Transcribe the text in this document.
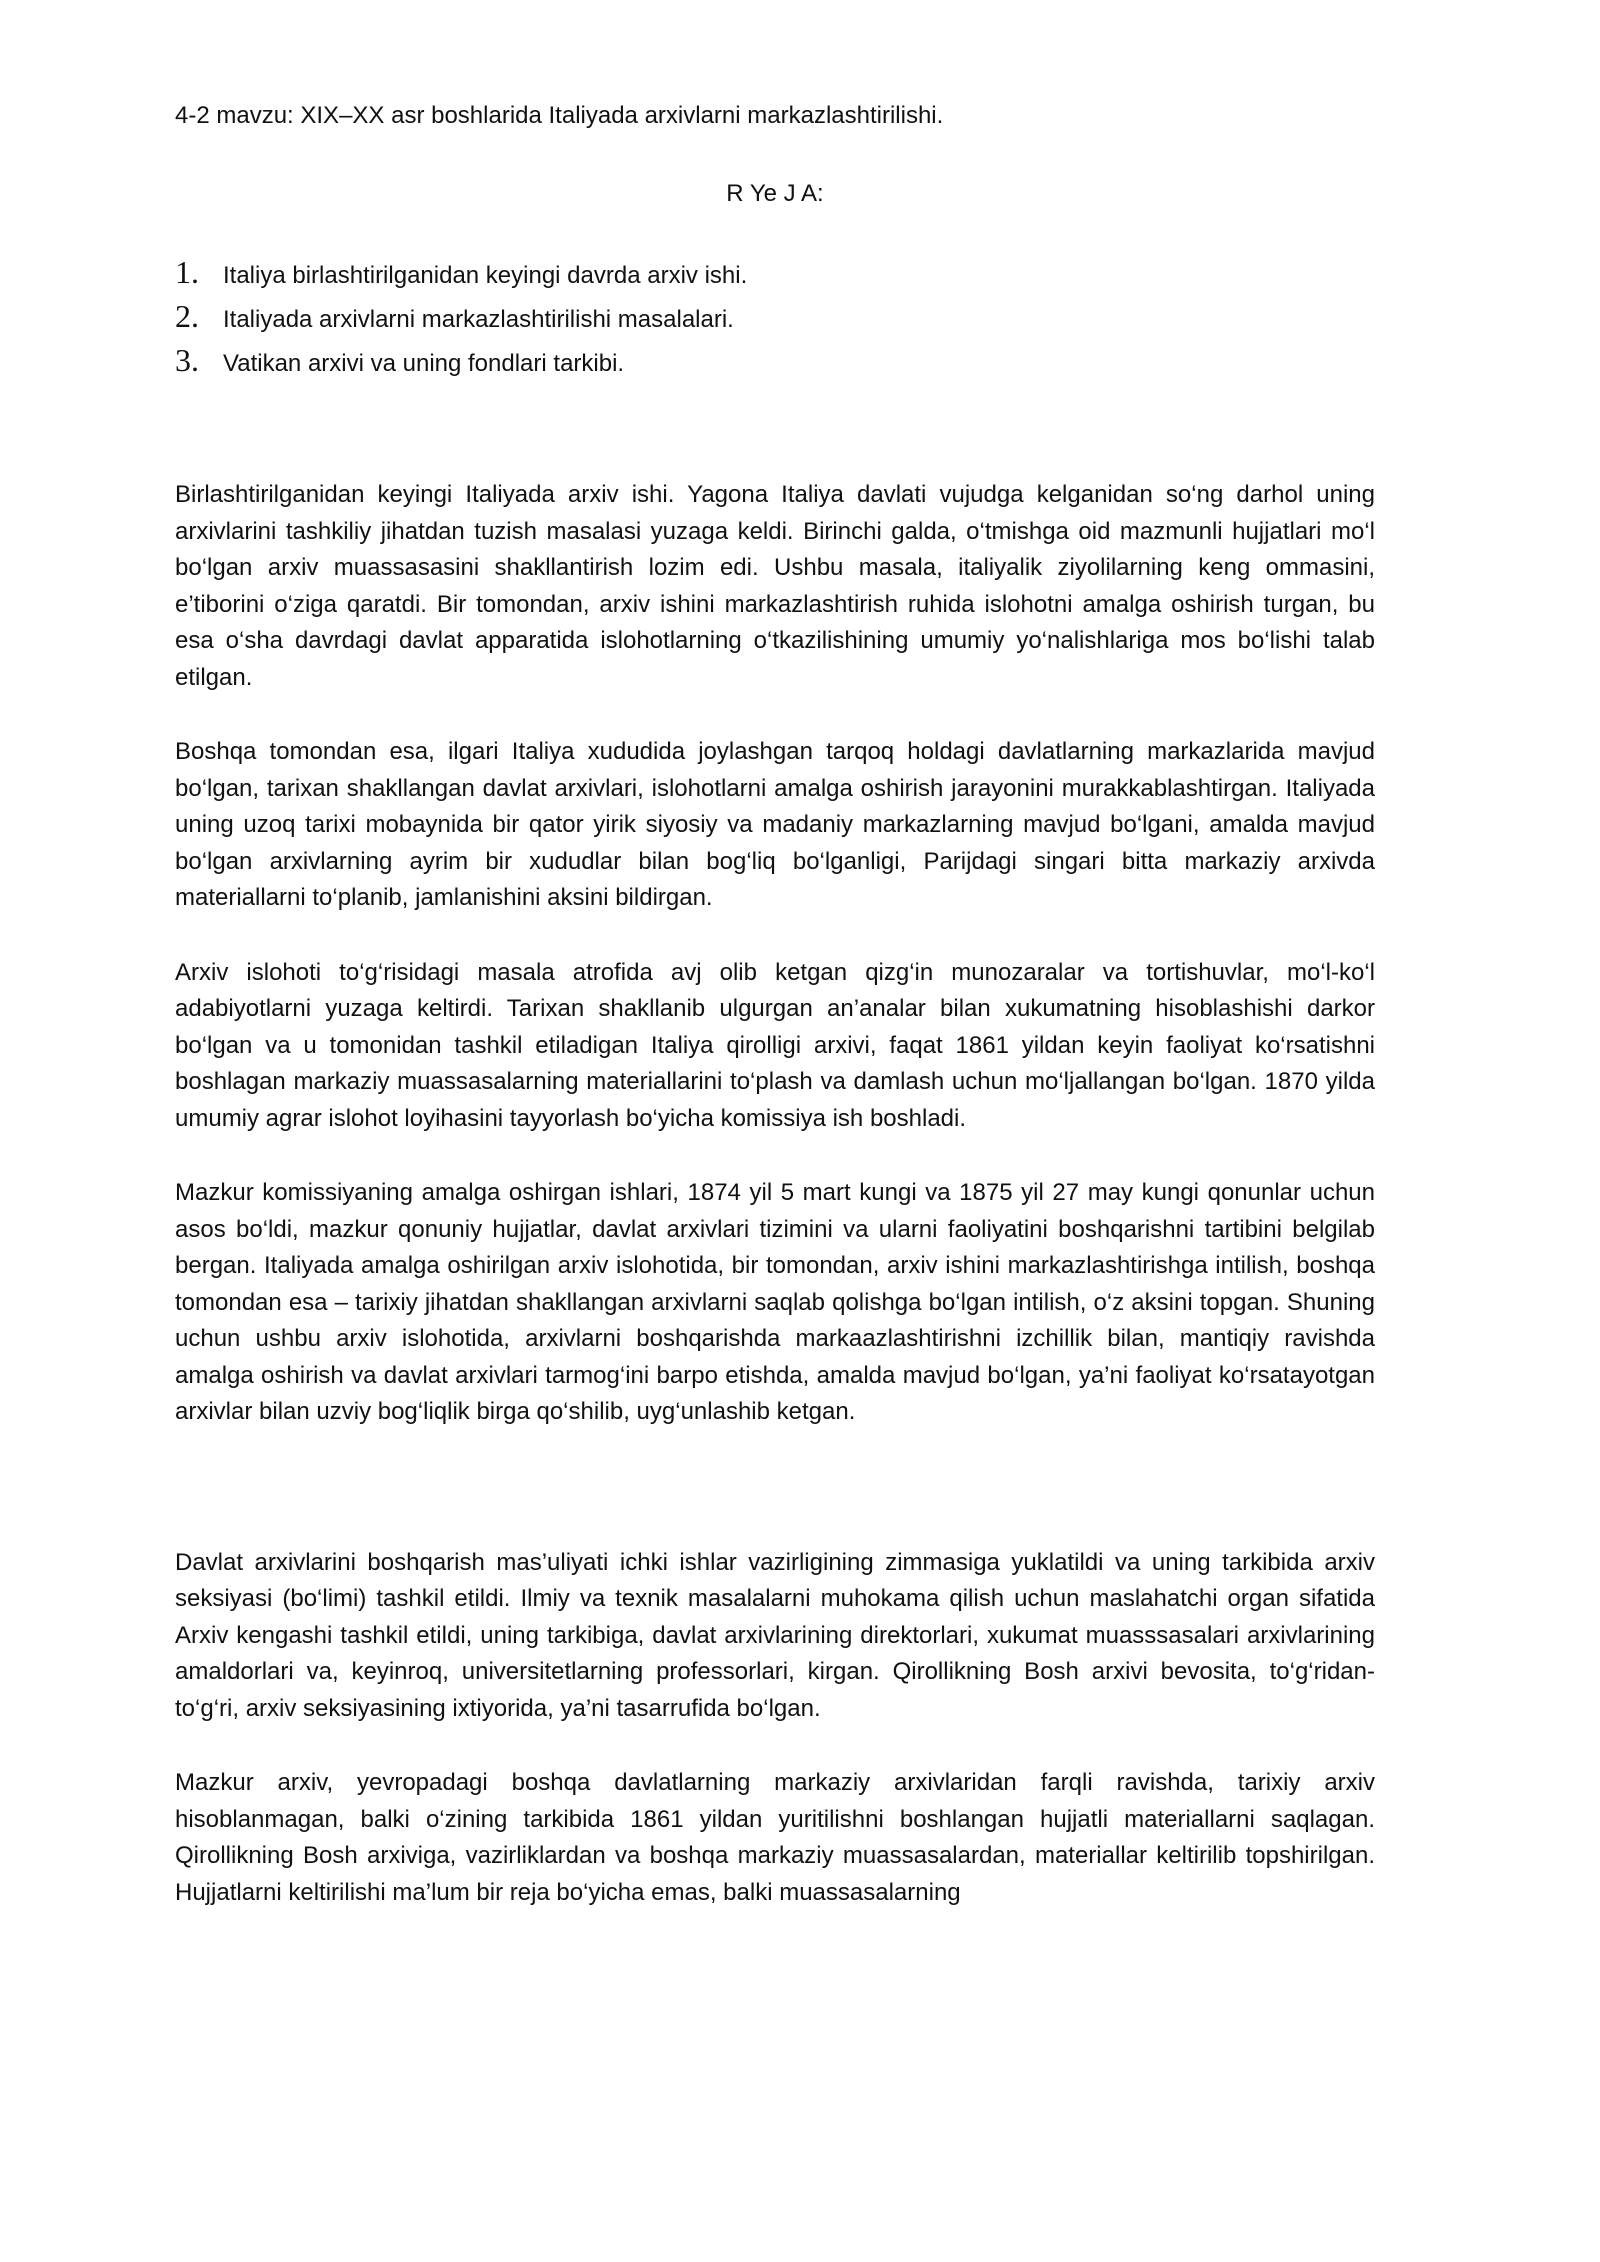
4-2 mavzu: XIX–XX asr boshlarida Italiyada arxivlarni markazlashtirilishi.

R Ye J A:

1.	Italiya birlashtirilganidan keyingi davrda arxiv ishi.
2.	Italiyada arxivlarni markazlashtirilishi masalalari.
3.	Vatikan arxivi va uning fondlari tarkibi.

Birlashtirilganidan keyingi Italiyada arxiv ishi. Yagona Italiya davlati vujudga kelganidan so‘ng darhol uning arxivlarini tashkiliy jihatdan tuzish masalasi yuzaga keldi. Birinchi galda, o‘tmishga oid mazmunli hujjatlari mo‘l bo‘lgan arxiv muassasasini shakllantirish lozim edi. Ushbu masala, italiyalik ziyolilarning keng ommasini, e’tiborini o‘ziga qaratdi. Bir tomondan, arxiv ishini markazlashtirish ruhida islohotni amalga oshirish turgan, bu esa o‘sha davrdagi davlat apparatida islohotlarning o‘tkazilishining umumiy yo‘nalishlariga mos bo‘lishi talab etilgan.

Boshqa tomondan esa, ilgari Italiya xududida joylashgan tarqoq holdagi davlatlarning markazlarida mavjud bo‘lgan, tarixan shakllangan davlat arxivlari, islohotlarni amalga oshirish jarayonini murakkablashtirgan. Italiyada uning uzoq tarixi mobaynida bir qator yirik siyosiy va madaniy markazlarning mavjud bo‘lgani, amalda mavjud bo‘lgan arxivlarning ayrim bir xududlar bilan bog‘liq bo‘lganligi, Parijdagi singari bitta markaziy arxivda materiallarni to‘planib, jamlanishini aksini bildirgan.

Arxiv islohoti to‘g‘risidagi masala atrofida avj olib ketgan qizg‘in munozaralar va tortishuvlar, mo‘l-ko‘l adabiyotlarni yuzaga keltirdi. Tarixan shakllanib ulgurgan an’analar bilan xukumatning hisoblashishi darkor bo‘lgan va u tomonidan tashkil etiladigan Italiya qirolligi arxivi, faqat 1861 yildan keyin faoliyat ko‘rsatishni boshlagan markaziy muassasalarning materiallarini to‘plash va damlash uchun mo‘ljallangan bo‘lgan. 1870 yilda umumiy agrar islohot loyihasini tayyorlash bo‘yicha komissiya ish boshladi.

Mazkur komissiyaning amalga oshirgan ishlari, 1874 yil 5 mart kungi va 1875 yil 27 may kungi qonunlar uchun asos bo‘ldi, mazkur qonuniy hujjatlar, davlat arxivlari tizimini va ularni faoliyatini boshqarishni tartibini belgilab bergan. Italiyada amalga oshirilgan arxiv islohotida, bir tomondan, arxiv ishini markazlashtirishga intilish, boshqa tomondan esa – tarixiy jihatdan shakllangan arxivlarni saqlab qolishga bo‘lgan intilish, o‘z aksini topgan. Shuning uchun ushbu arxiv islohotida, arxivlarni boshqarishda markaazlashtirishni izchillik bilan, mantiqiy ravishda amalga oshirish va davlat arxivlari tarmog‘ini barpo etishda, amalda mavjud bo‘lgan, ya’ni faoliyat ko‘rsatayotgan arxivlar bilan uzviy bog‘liqlik birga qo‘shilib, uyg‘unlashib ketgan.

Davlat arxivlarini boshqarish mas’uliyati ichki ishlar vazirligining zimmasiga yuklatildi va uning tarkibida arxiv seksiyasi (bo‘limi) tashkil etildi. Ilmiy va texnik masalalarni muhokama qilish uchun maslahatchi organ sifatida Arxiv kengashi tashkil etildi, uning tarkibiga, davlat arxivlarining direktorlari, xukumat muasssasalari arxivlarining amaldorlari va, keyinroq, universitetlarning professorlari, kirgan. Qirollikning Bosh arxivi bevosita, to‘g‘ridan-to‘g‘ri, arxiv seksiyasining ixtiyorida, ya’ni tasarrufida bo‘lgan.

Mazkur arxiv, yevropadagi boshqa davlatlarning markaziy arxivlaridan farqli ravishda, tarixiy arxiv hisoblanmagan, balki o‘zining tarkibida 1861 yildan yuritilishni boshlangan hujjatli materiallarni saqlagan. Qirollikning Bosh arxiviga, vazirliklardan va boshqa markaziy muassasalardan, materiallar keltirilib topshirilgan. Hujjatlarni keltirilishi ma’lum bir reja bo‘yicha emas, balki muassasalarning
